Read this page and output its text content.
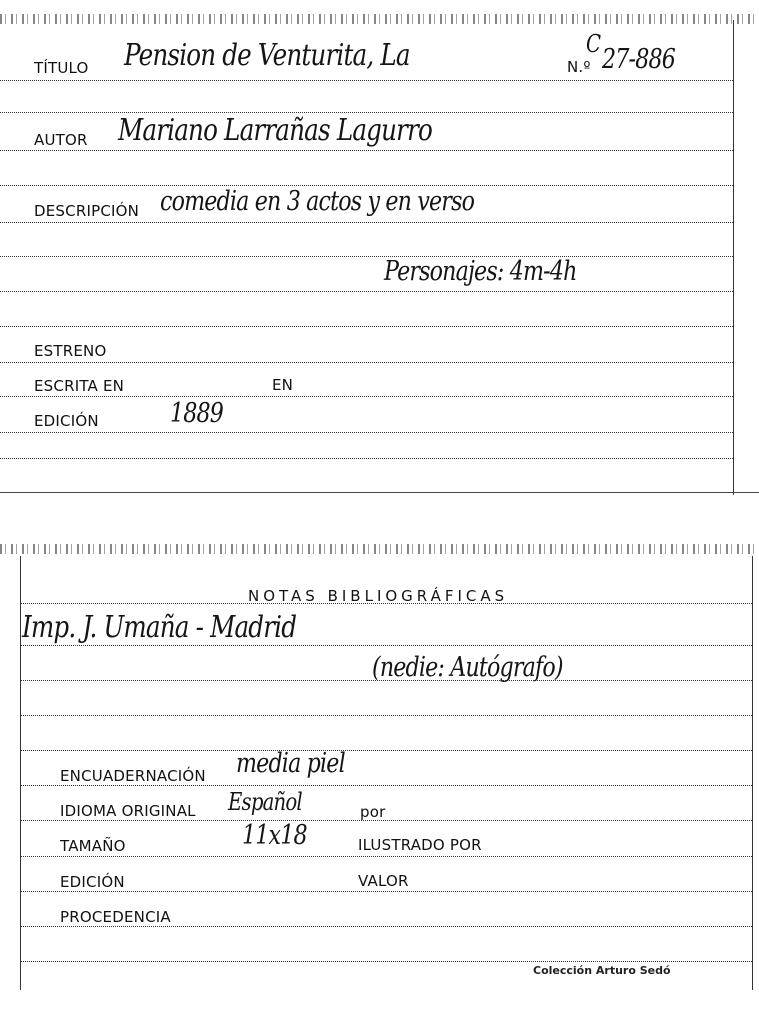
TÍTULO Pension de Venturita, La	N.º
C 27-886
AUTOR Mariano Larrañas Lagurro
DESCRIPCIÓN comedia en 3 actos y en verso
Personajes: 4m-4h
ESTRENO
ESCRITA EN	EN
EDICIÓN	1889
NOTAS BIBLIOGRÁFICAS
Imp. J. Umaña - Madrid
(nedie: Autógrafo)
ENCUADERNACIÓN media piel
IDIOMA ORIGINAL Español	por
TAMAÑO	11x18	ILUSTRADO POR
EDICIÓN	VALOR
PROCEDENCIA
Colección Arturo Sedó
